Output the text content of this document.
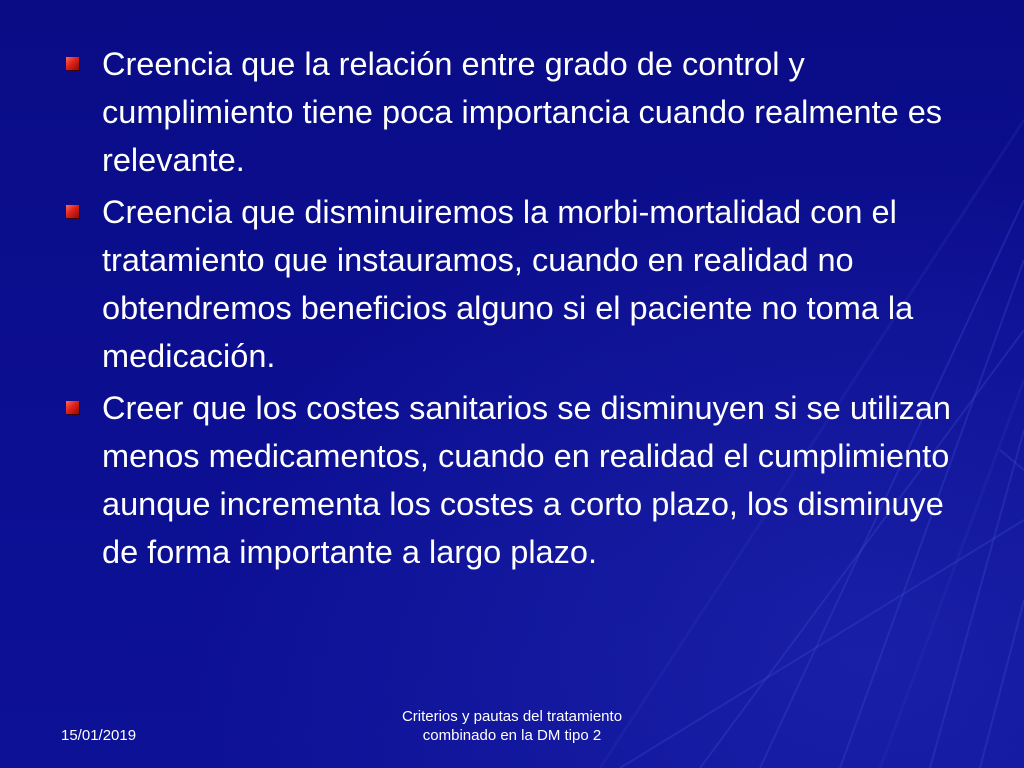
Creencia que la relación entre grado de control y cumplimiento tiene poca importancia cuando realmente es relevante.
Creencia que disminuiremos la morbi-mortalidad con el tratamiento que instauramos, cuando en realidad no obtendremos beneficios alguno si el paciente no toma la medicación.
Creer que los costes sanitarios se disminuyen si se utilizan menos medicamentos, cuando en realidad el cumplimiento aunque incrementa los costes a corto plazo, los disminuye de forma importante a largo plazo.
15/01/2019
Criterios y pautas del tratamiento
combinado en la DM tipo 2
